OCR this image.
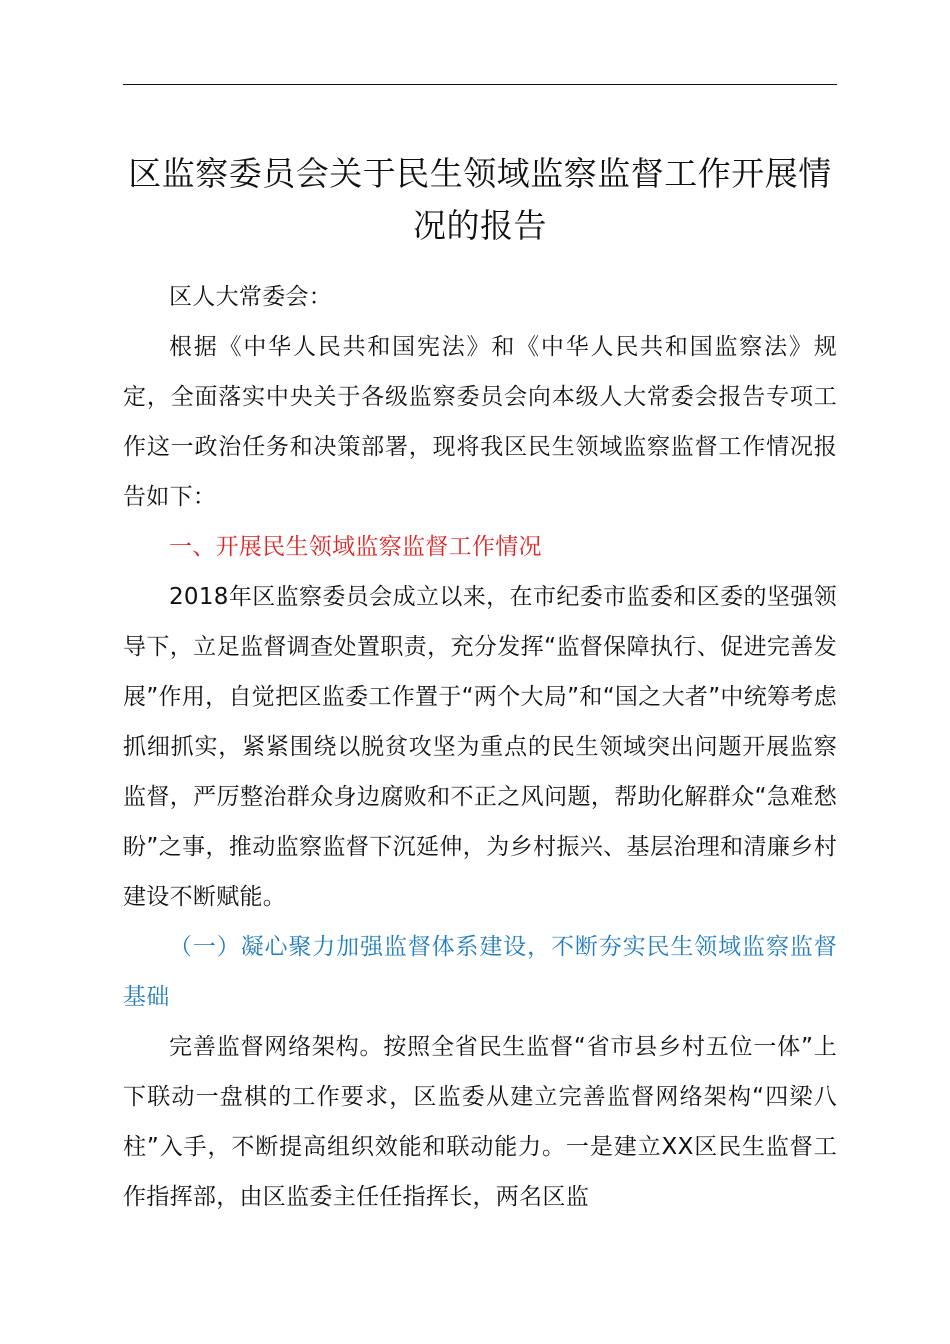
区监察委员会关于民生领域监察监督工作开展情况的报告

区人大常委会：

根据《中华人民共和国宪法》和《中华人民共和国监察法》规定，全面落实中央关于各级监察委员会向本级人大常委会报告专项工作这一政治任务和决策部署，现将我区民生领域监察监督工作情况报告如下：

一、开展民生领域监察监督工作情况

2018年区监察委员会成立以来，在市纪委市监委和区委的坚强领导下，立足监督调查处置职责，充分发挥“监督保障执行、促进完善发展”作用，自觉把区监委工作置于“两个大局”和“国之大者”中统筹考虑抓细抓实，紧紧围绕以脱贫攻坚为重点的民生领域突出问题开展监察监督，严厉整治群众身边腐败和不正之风问题，帮助化解群众“急难愁盼”之事，推动监察监督下沉延伸，为乡村振兴、基层治理和清廉乡村建设不断赋能。

（一）凝心聚力加强监督体系建设，不断夯实民生领域监察监督基础

完善监督网络架构。按照全省民生监督“省市县乡村五位一体”上下联动一盘棋的工作要求，区监委从建立完善监督网络架构“四梁八柱”入手，不断提高组织效能和联动能力。一是建立XX区民生监督工作指挥部，由区监委主任任指挥长，两名区监
